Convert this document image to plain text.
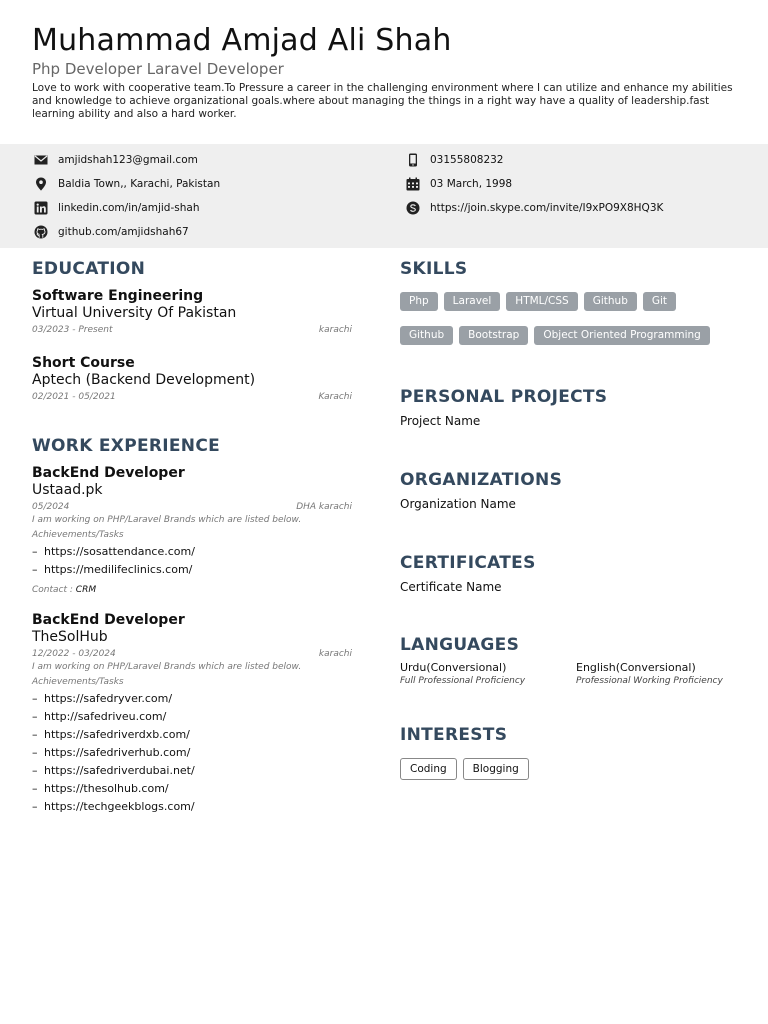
Muhammad Amjad Ali Shah
Php Developer Laravel Developer
Love to work with cooperative team.To Pressure a career in the challenging environment where I can utilize and enhance my abilities and knowledge to achieve organizational goals.where about managing the things in a right way have a quality of leadership.fast learning ability and also a hard worker.
amjidshah123@gmail.com
Baldia Town,, Karachi, Pakistan
linkedin.com/in/amjid-shah
github.com/amjidshah67
03155808232
03 March, 1998
https://join.skype.com/invite/I9xPO9X8HQ3K
EDUCATION
Software Engineering
Virtual University Of Pakistan
03/2023 - Present	karachi
Short Course
Aptech (Backend Development)
02/2021 - 05/2021	Karachi
WORK EXPERIENCE
BackEnd Developer
Ustaad.pk
05/2024	DHA karachi
I am working on PHP/Laravel Brands which are listed below.
Achievements/Tasks
– https://sosattendance.com/
– https://medilifeclinics.com/
Contact : CRM
BackEnd Developer
TheSolHub
12/2022 - 03/2024	karachi
I am working on PHP/Laravel Brands which are listed below.
Achievements/Tasks
– https://safedryver.com/
– http://safedriveu.com/
– https://safedriverdxb.com/
– https://safedriverhub.com/
– https://safedriverdubai.net/
– https://thesolhub.com/
– https://techgeekblogs.com/
SKILLS
Php Laravel HTML/CSS Github Git
Github Bootstrap Object Oriented Programming
PERSONAL PROJECTS
Project Name
ORGANIZATIONS
Organization Name
CERTIFICATES
Certificate Name
LANGUAGES
Urdu(Conversional)
Full Professional Proficiency
English(Conversional)
Professional Working Proficiency
INTERESTS
Coding Blogging
